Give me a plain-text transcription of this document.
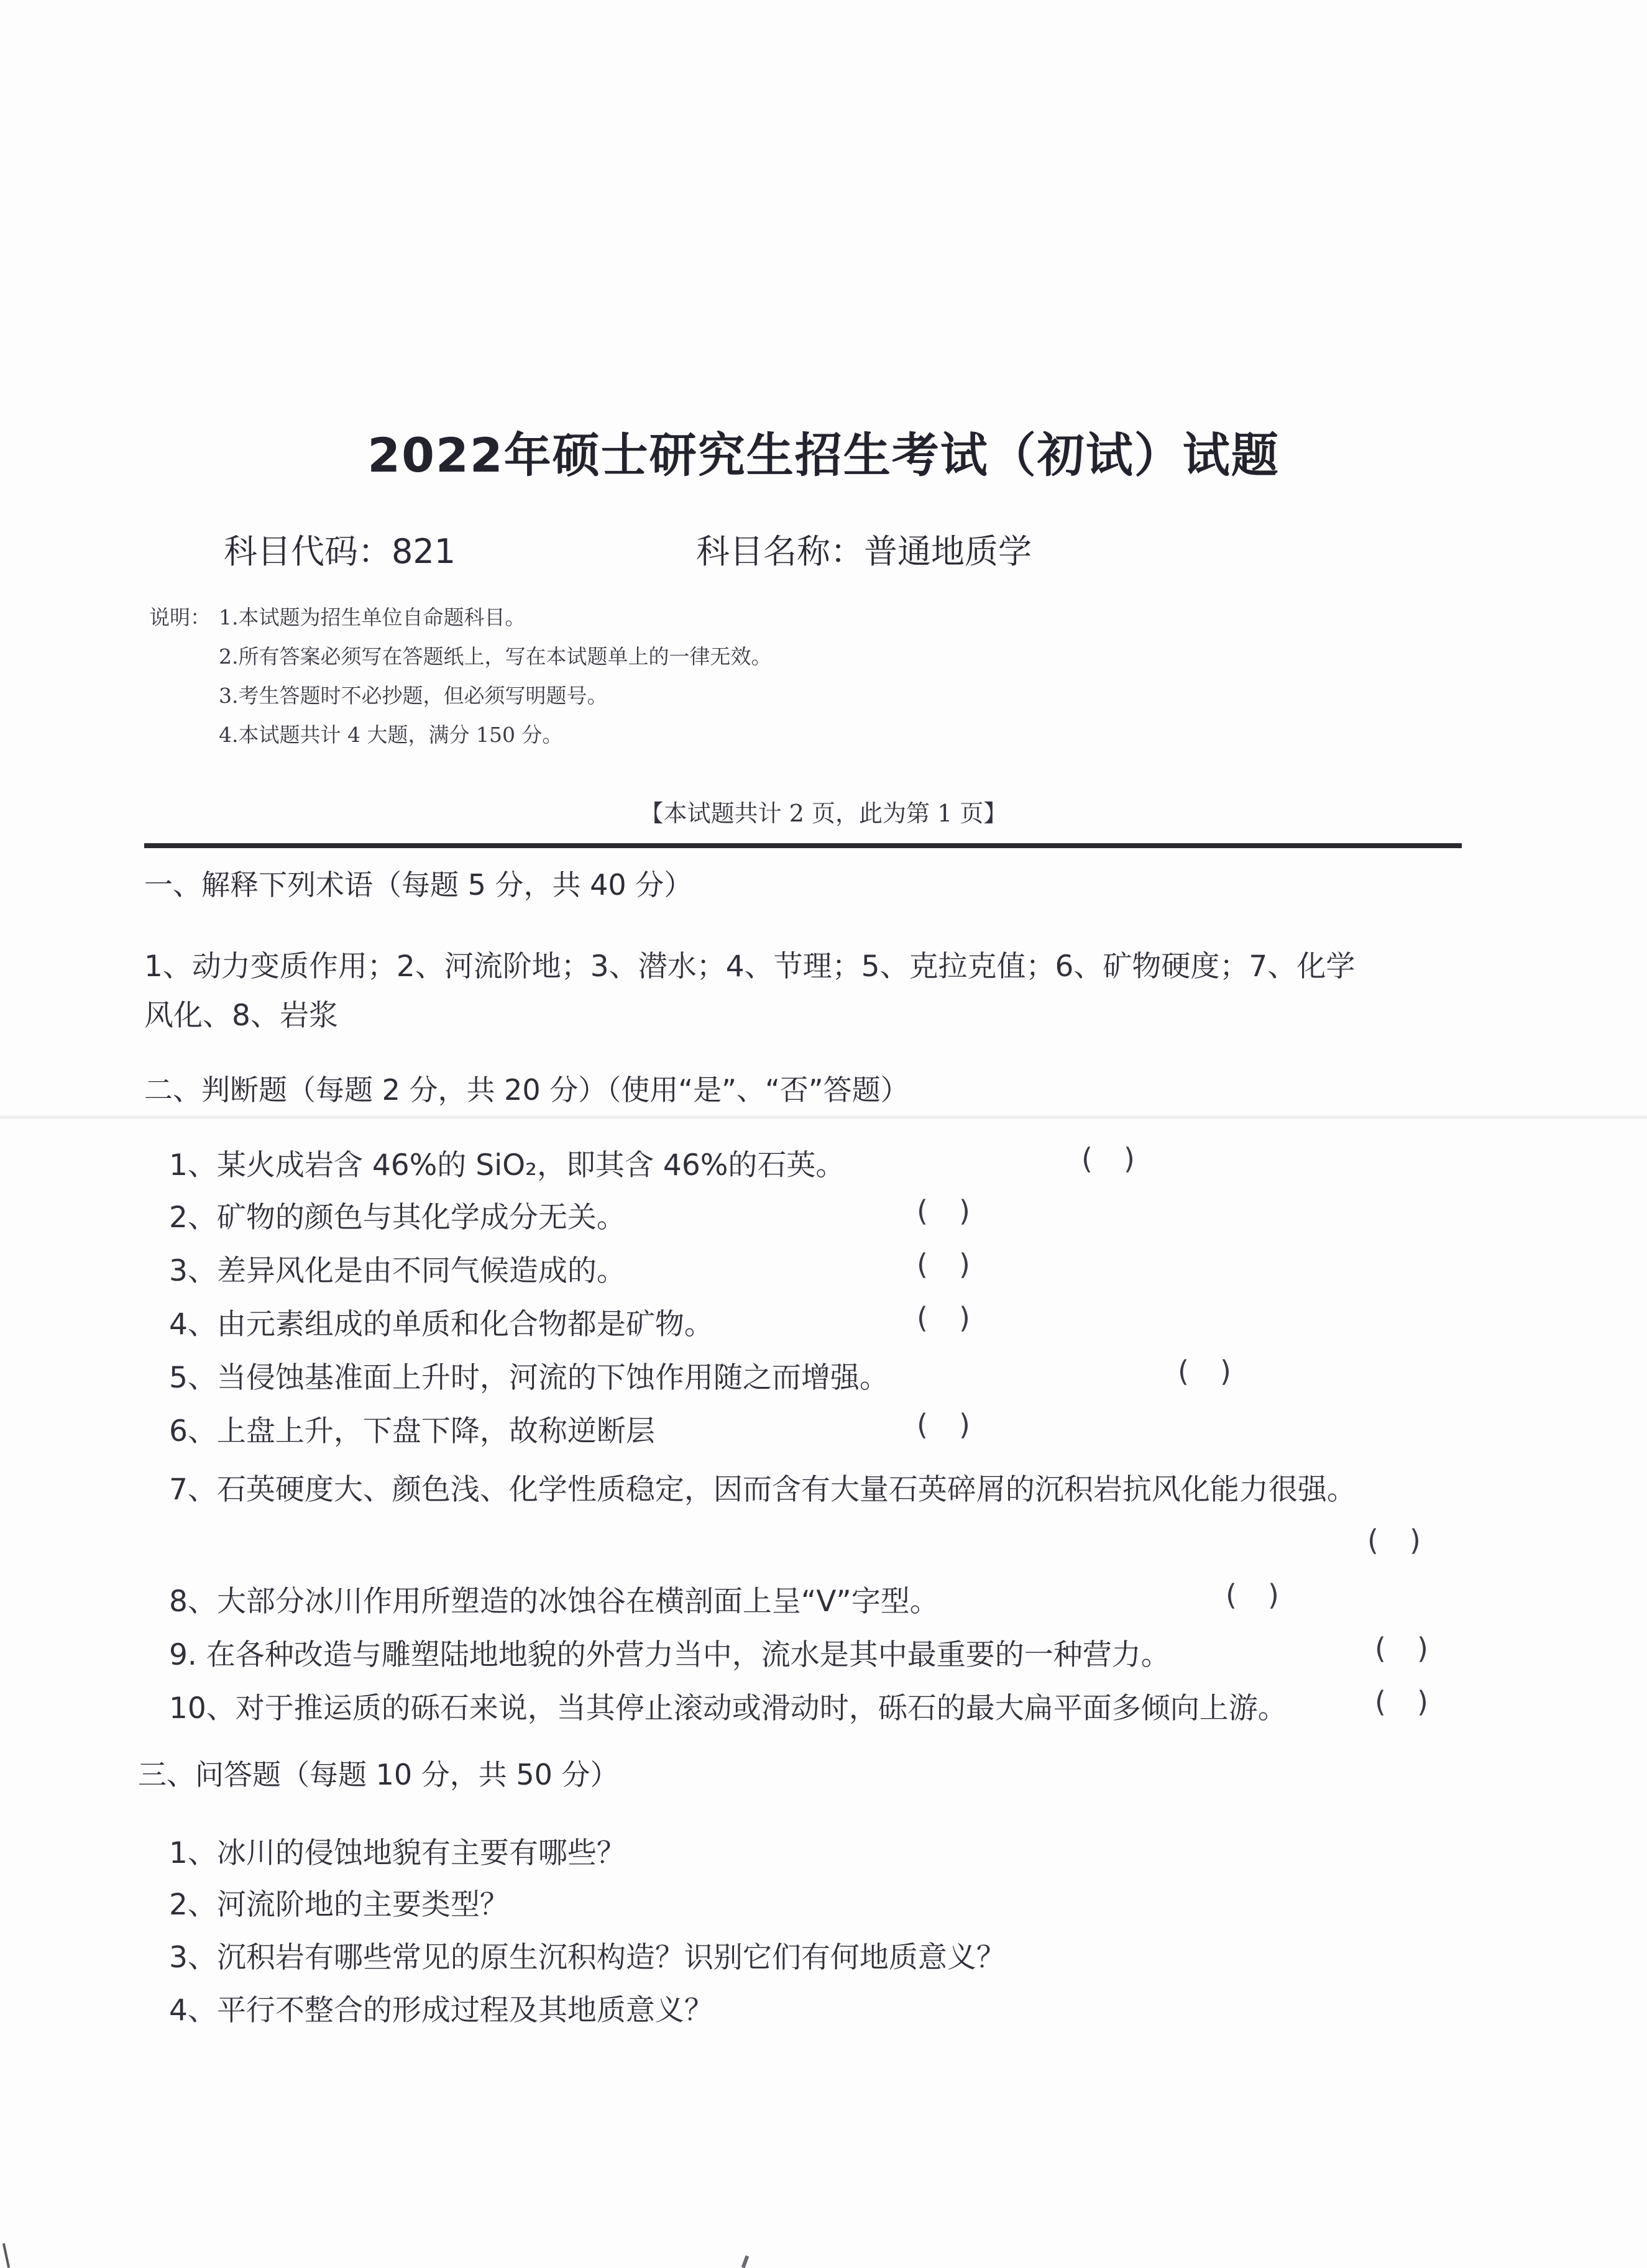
2022年硕士研究生招生考试（初试）试题
科目代码：821	科目名称：普通地质学
说明： 1.本试题为招生单位自命题科目。
2.所有答案必须写在答题纸上，写在本试题单上的一律无效。
3.考生答题时不必抄题，但必须写明题号。
4.本试题共计 4 大题，满分 150 分。
【本试题共计 2 页，此为第 1 页】
一、解释下列术语（每题 5 分，共 40 分）
1、动力变质作用；2、河流阶地；3、潜水；4、节理；5、克拉克值；6、矿物硬度；7、化学
风化、8、岩浆
二、判断题（每题 2 分，共 20 分）（使用“是”、“否”答题）
1、某火成岩含 46%的 SiO₂，即其含 46%的石英。	( )
2、矿物的颜色与其化学成分无关。	( )
3、差异风化是由不同气候造成的。	( )
4、由元素组成的单质和化合物都是矿物。	( )
5、当侵蚀基准面上升时，河流的下蚀作用随之而增强。	( )
6、上盘上升，下盘下降，故称逆断层	( )
7、石英硬度大、颜色浅、化学性质稳定，因而含有大量石英碎屑的沉积岩抗风化能力很强。
( )
8、大部分冰川作用所塑造的冰蚀谷在横剖面上呈“V”字型。	( )
9. 在各种改造与雕塑陆地地貌的外营力当中，流水是其中最重要的一种营力。	( )
10、对于推运质的砾石来说，当其停止滚动或滑动时，砾石的最大扁平面多倾向上游。	( )
三、问答题（每题 10 分，共 50 分）
1、冰川的侵蚀地貌有主要有哪些？
2、河流阶地的主要类型？
3、沉积岩有哪些常见的原生沉积构造？识别它们有何地质意义？
4、平行不整合的形成过程及其地质意义？
